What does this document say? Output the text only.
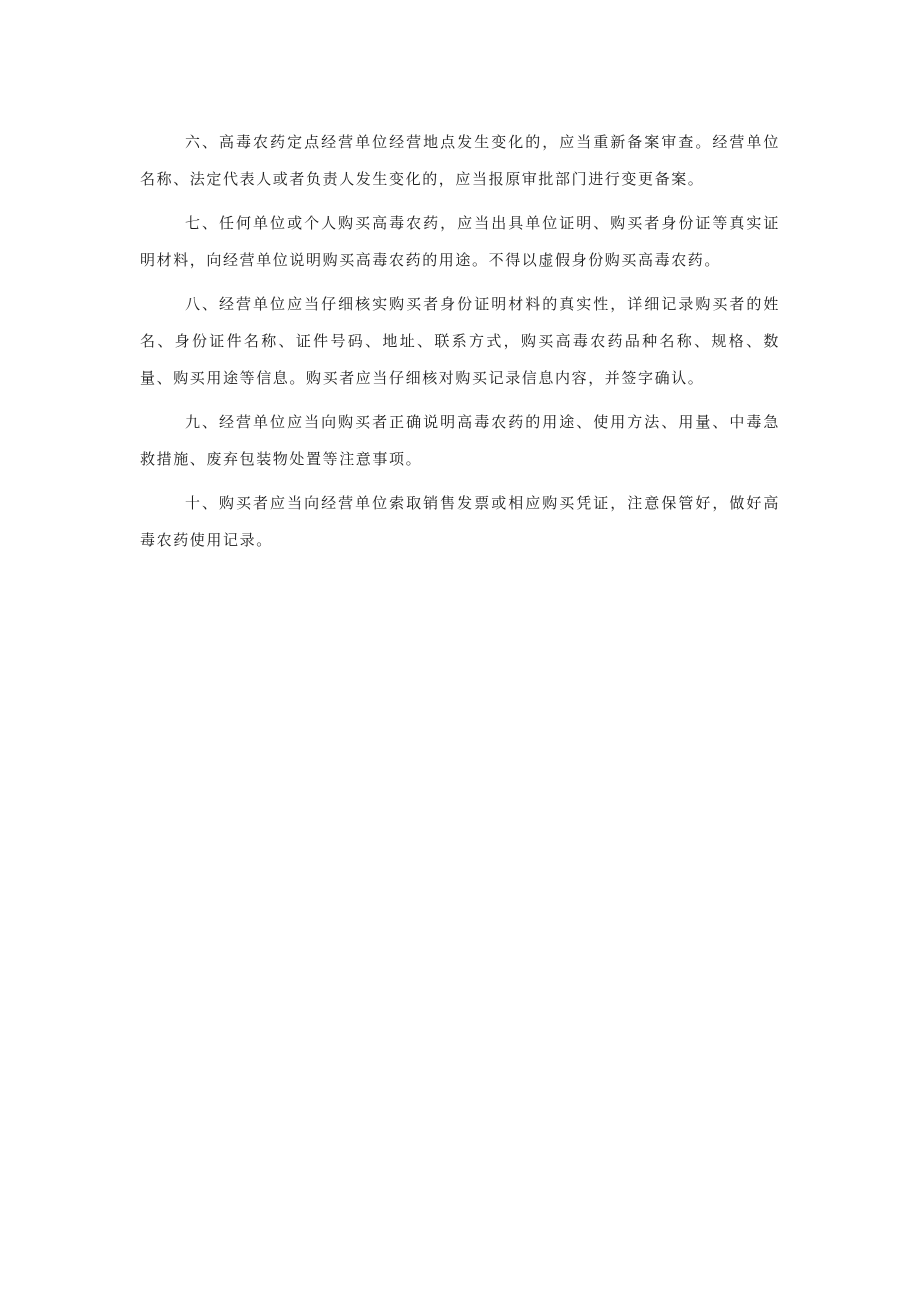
六、高毒农药定点经营单位经营地点发生变化的，应当重新备案审查。经营单位名称、法定代表人或者负责人发生变化的，应当报原审批部门进行变更备案。

七、任何单位或个人购买高毒农药，应当出具单位证明、购买者身份证等真实证明材料，向经营单位说明购买高毒农药的用途。不得以虚假身份购买高毒农药。

八、经营单位应当仔细核实购买者身份证明材料的真实性，详细记录购买者的姓名、身份证件名称、证件号码、地址、联系方式，购买高毒农药品种名称、规格、数量、购买用途等信息。购买者应当仔细核对购买记录信息内容，并签字确认。

九、经营单位应当向购买者正确说明高毒农药的用途、使用方法、用量、中毒急救措施、废弃包装物处置等注意事项。

十、购买者应当向经营单位索取销售发票或相应购买凭证，注意保管好，做好高毒农药使用记录。
